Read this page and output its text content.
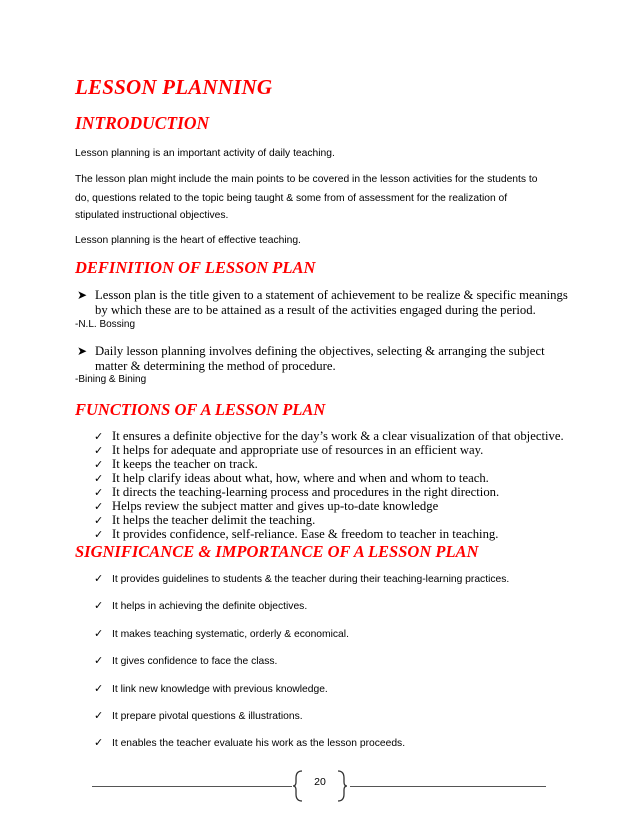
LESSON PLANNING
INTRODUCTION
Lesson planning is an important activity of daily teaching.
The lesson plan might include the main points to be covered in the lesson activities for the students to
do, questions related to the topic being taught & some from of assessment for the realization of
stipulated instructional objectives.
Lesson planning is the heart of effective teaching.
DEFINITION OF LESSON PLAN
➤ Lesson plan is the title given to a statement of achievement to be realize & specific meanings by which these are to be attained as a result of the activities engaged during the period.
-N.L. Bossing
➤ Daily lesson planning involves defining the objectives, selecting & arranging the subject matter & determining the method of procedure.
-Bining & Bining
FUNCTIONS OF A LESSON PLAN
✓ It ensures a definite objective for the day’s work & a clear visualization of that objective.
✓ It helps for adequate and appropriate use of resources in an efficient way.
✓ It keeps the teacher on track.
✓ It help clarify ideas about what, how, where and when and whom to teach.
✓ It directs the teaching-learning process and procedures in the right direction.
✓ Helps review the subject matter and gives up-to-date knowledge
✓ It helps the teacher delimit the teaching.
✓ It provides confidence, self-reliance. Ease & freedom to teacher in teaching.
SIGNIFICANCE & IMPORTANCE OF A LESSON PLAN
✓ It provides guidelines to students & the teacher during their teaching-learning practices.
✓ It helps in achieving the definite objectives.
✓ It makes teaching systematic, orderly & economical.
✓ It gives confidence to face the class.
✓ It link new knowledge with previous knowledge.
✓ It prepare pivotal questions & illustrations.
✓ It enables the teacher evaluate his work as the lesson proceeds.
20
